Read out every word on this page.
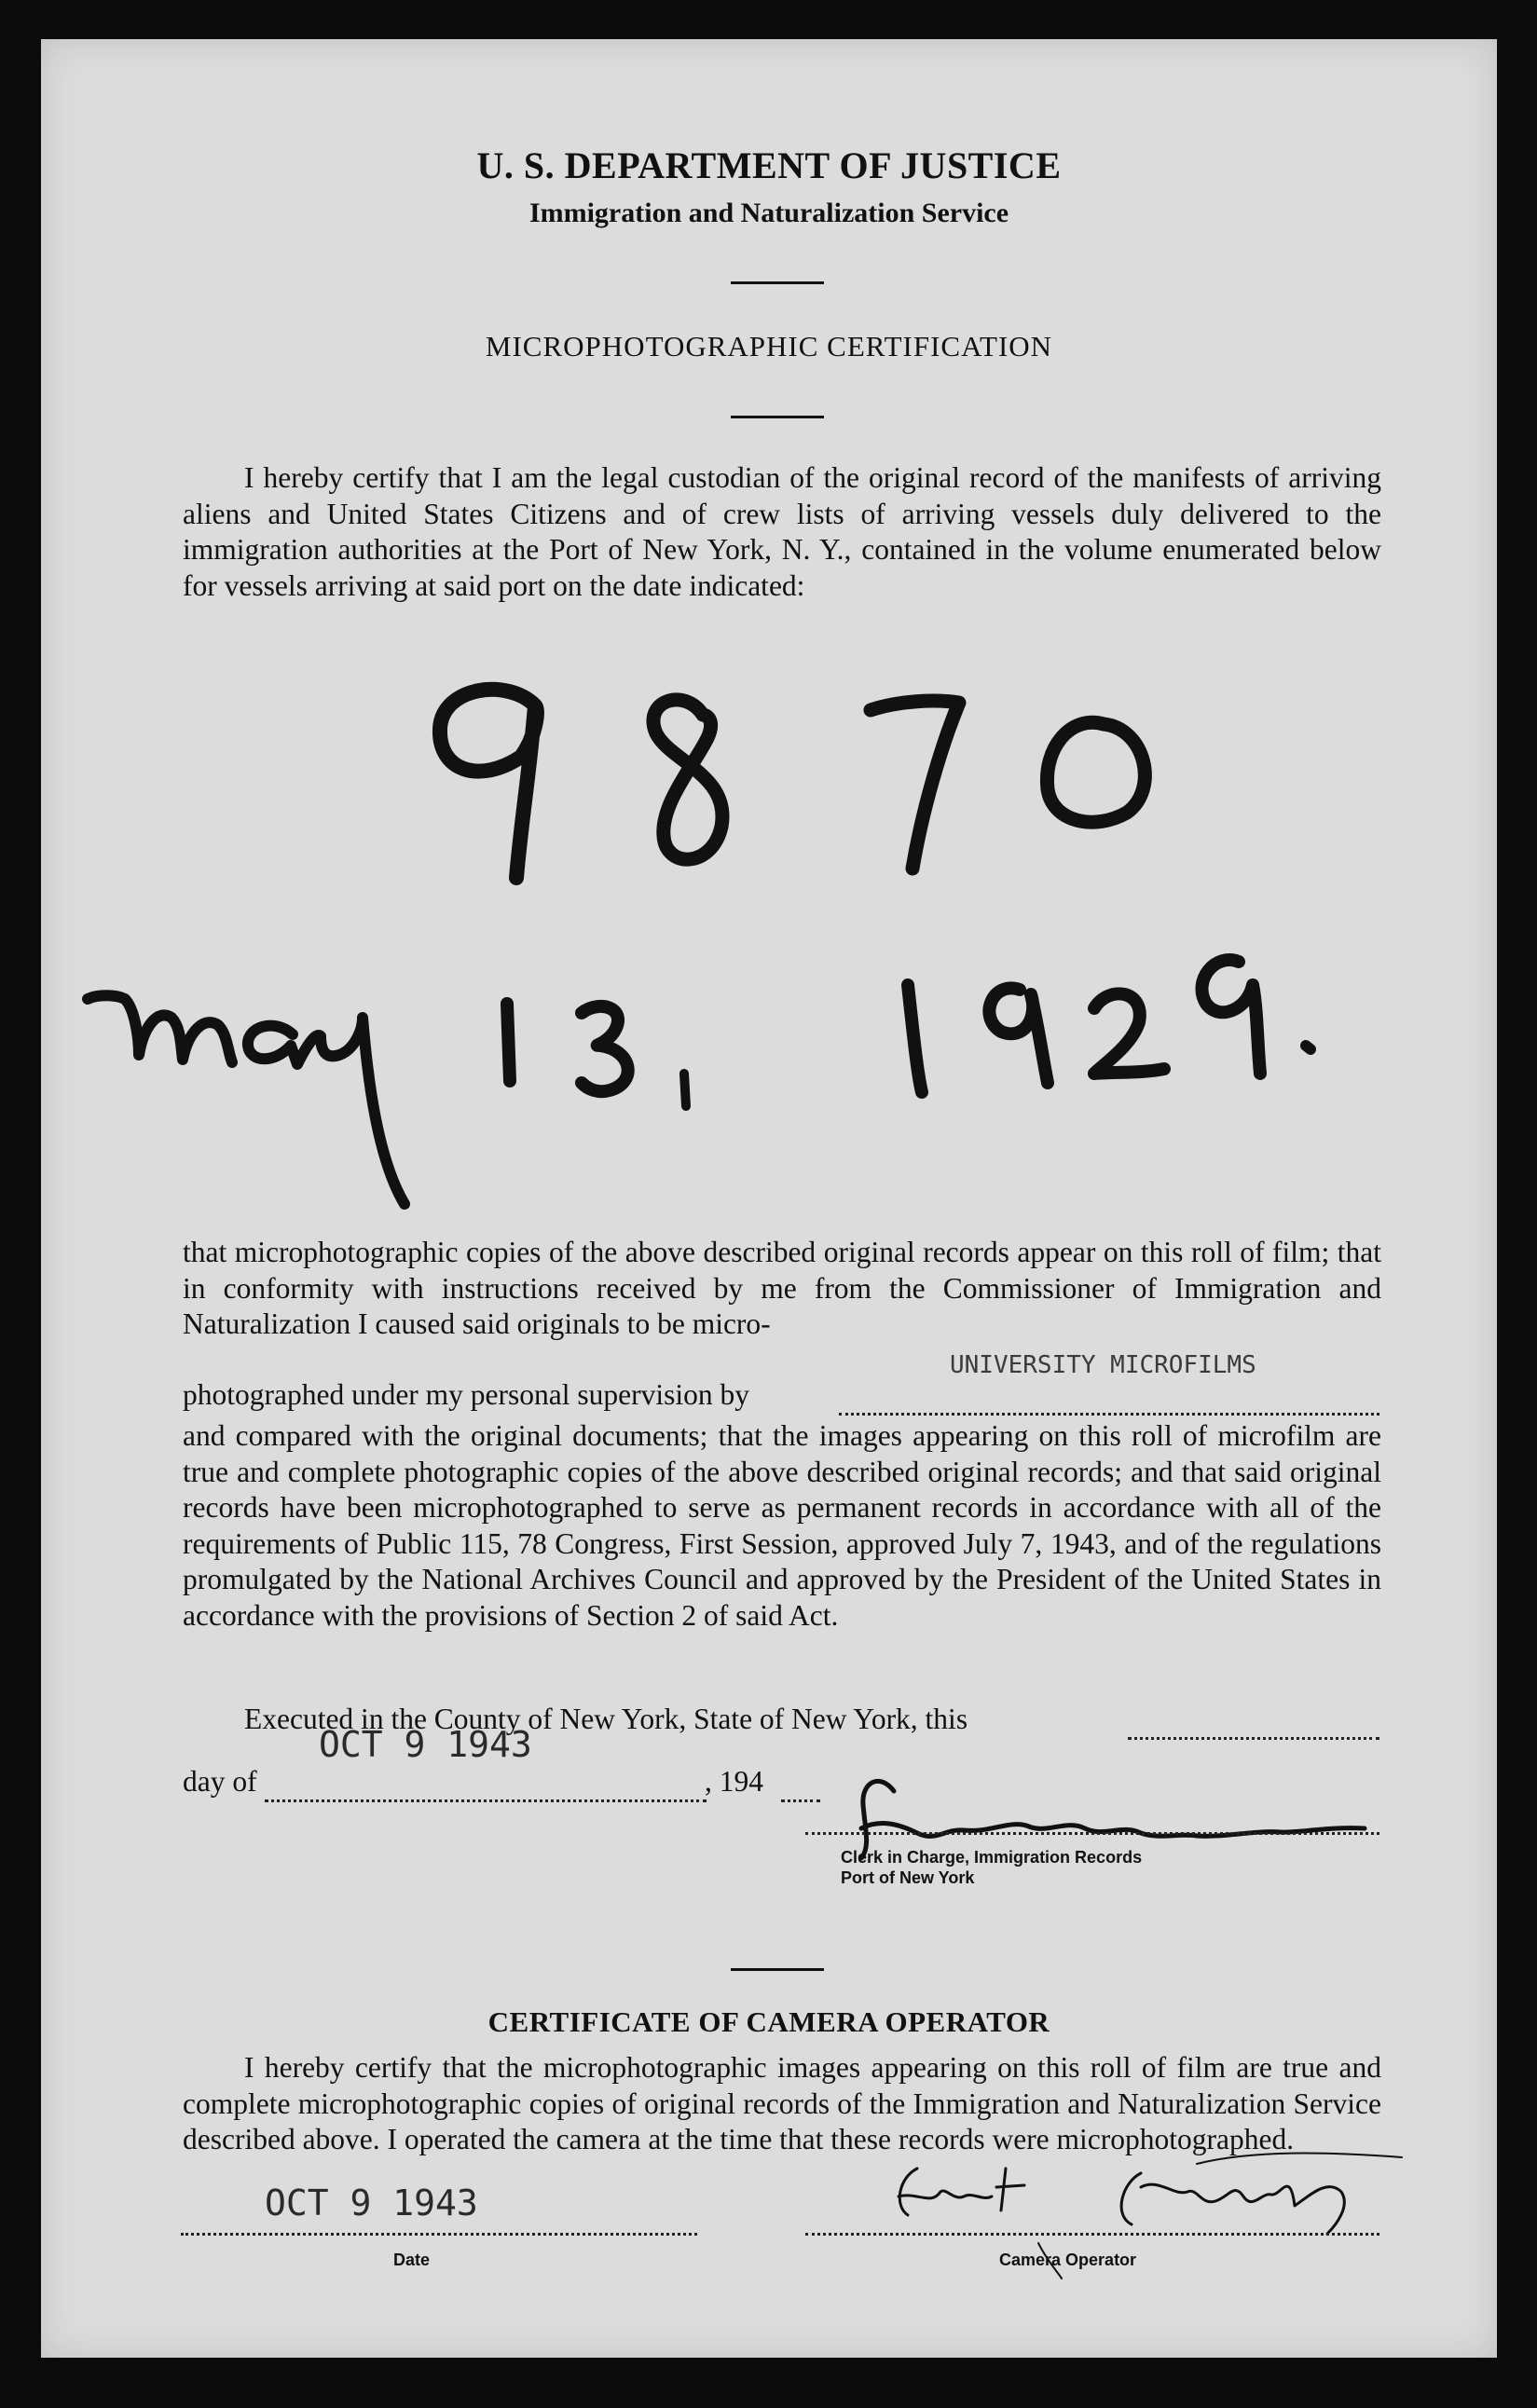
U. S. DEPARTMENT OF JUSTICE
Immigration and Naturalization Service
MICROPHOTOGRAPHIC CERTIFICATION
I hereby certify that I am the legal custodian of the original record of the manifests of arriving aliens and United States Citizens and of crew lists of arriving vessels duly delivered to the immigration authorities at the Port of New York, N. Y., contained in the volume enumerated below for vessels arriving at said port on the date indicated:
that microphotographic copies of the above described original records appear on this roll of film; that in conformity with instructions received by me from the Commissioner of Immigration and Naturalization I caused said originals to be micro-
photographed under my personal supervision by
UNIVERSITY MICROFILMS
and compared with the original documents; that the images appearing on this roll of microfilm are true and complete photographic copies of the above described original records; and that said original records have been microphotographed to serve as permanent records in accordance with all of the requirements of Public 115, 78 Congress, First Session, approved July 7, 1943, and of the regulations promulgated by the National Archives Council and approved by the President of the United States in accordance with the provisions of Section 2 of said Act.
Executed in the County of New York, State of New York, this
day of
OCT 9 1943
, 194
Clerk in Charge, Immigration Records
Port of New York
CERTIFICATE OF CAMERA OPERATOR
I hereby certify that the microphotographic images appearing on this roll of film are true and complete microphotographic copies of original records of the Immigration and Naturalization Service described above. I operated the camera at the time that these records were microphotographed.
OCT 9 1943
Date	Camera Operator
